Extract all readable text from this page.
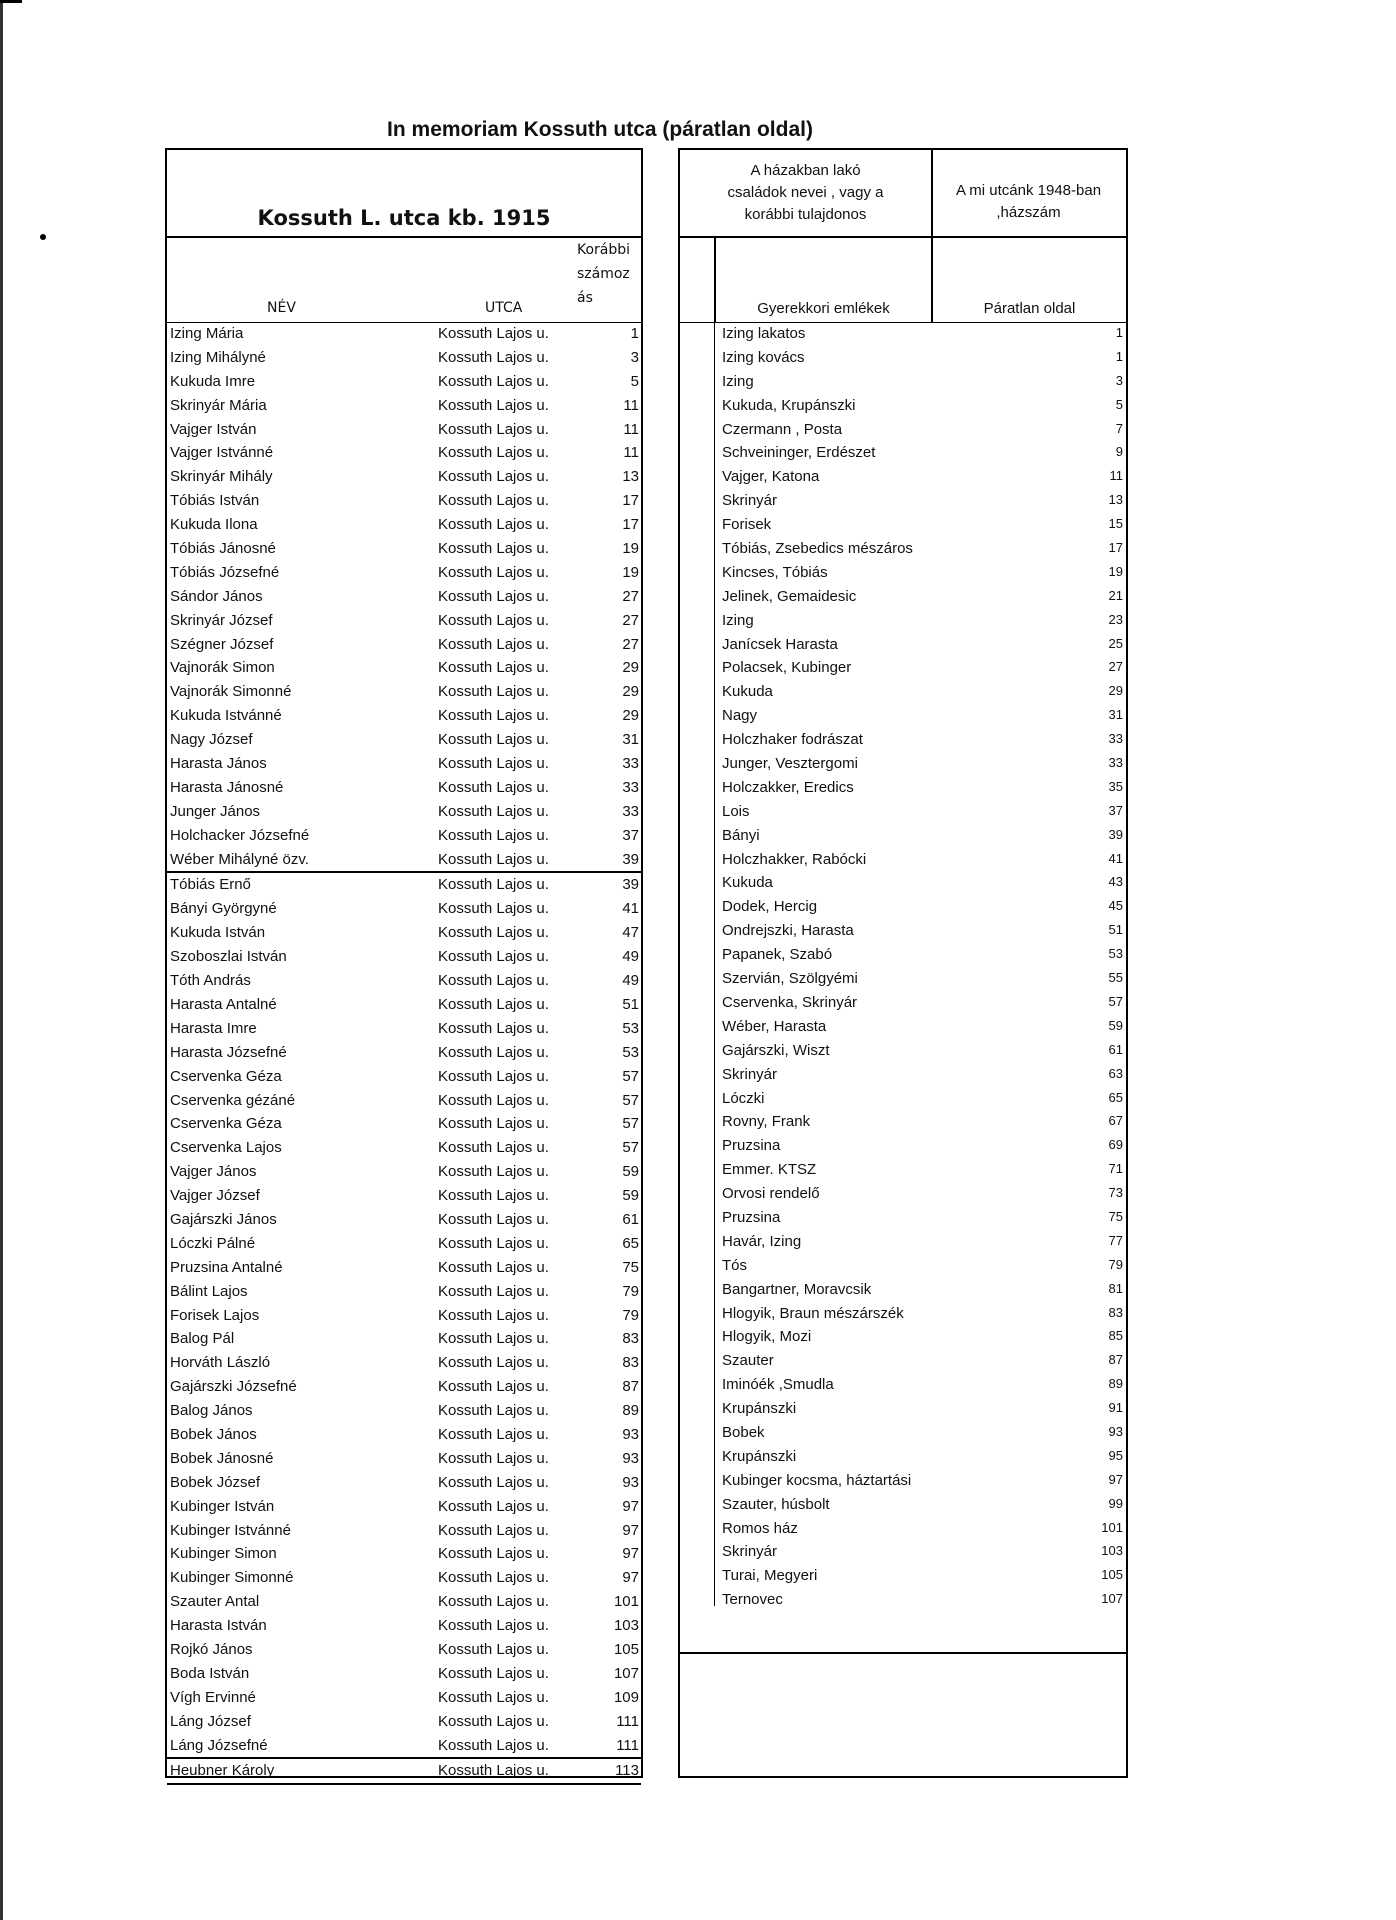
In memoriam Kossuth utca (páratlan oldal)
Kossuth L. utca kb. 1915
NÉV	UTCA
Korábbi
számoz
ás
Izing Mária	Kossuth Lajos u.	1
Izing Mihályné	Kossuth Lajos u.	3
Kukuda Imre	Kossuth Lajos u.	5
Skrinyár Mária	Kossuth Lajos u.	11
Vajger István	Kossuth Lajos u.	11
Vajger Istvánné	Kossuth Lajos u.	11
Skrinyár Mihály	Kossuth Lajos u.	13
Tóbiás István	Kossuth Lajos u.	17
Kukuda Ilona	Kossuth Lajos u.	17
Tóbiás Jánosné	Kossuth Lajos u.	19
Tóbiás Józsefné	Kossuth Lajos u.	19
Sándor János	Kossuth Lajos u.	27
Skrinyár József	Kossuth Lajos u.	27
Szégner József	Kossuth Lajos u.	27
Vajnorák Simon	Kossuth Lajos u.	29
Vajnorák Simonné	Kossuth Lajos u.	29
Kukuda Istvánné	Kossuth Lajos u.	29
Nagy József	Kossuth Lajos u.	31
Harasta János	Kossuth Lajos u.	33
Harasta Jánosné	Kossuth Lajos u.	33
Junger János	Kossuth Lajos u.	33
Holchacker Józsefné	Kossuth Lajos u.	37
Wéber Mihályné özv.	Kossuth Lajos u.	39
Tóbiás Ernő	Kossuth Lajos u.	39
Bányi Györgyné	Kossuth Lajos u.	41
Kukuda István	Kossuth Lajos u.	47
Szoboszlai István	Kossuth Lajos u.	49
Tóth András	Kossuth Lajos u.	49
Harasta Antalné	Kossuth Lajos u.	51
Harasta Imre	Kossuth Lajos u.	53
Harasta Józsefné	Kossuth Lajos u.	53
Cservenka Géza	Kossuth Lajos u.	57
Cservenka gézáné	Kossuth Lajos u.	57
Cservenka Géza	Kossuth Lajos u.	57
Cservenka Lajos	Kossuth Lajos u.	57
Vajger János	Kossuth Lajos u.	59
Vajger József	Kossuth Lajos u.	59
Gajárszki János	Kossuth Lajos u.	61
Lóczki Pálné	Kossuth Lajos u.	65
Pruzsina Antalné	Kossuth Lajos u.	75
Bálint Lajos	Kossuth Lajos u.	79
Forisek Lajos	Kossuth Lajos u.	79
Balog Pál	Kossuth Lajos u.	83
Horváth László	Kossuth Lajos u.	83
Gajárszki Józsefné	Kossuth Lajos u.	87
Balog János	Kossuth Lajos u.	89
Bobek János	Kossuth Lajos u.	93
Bobek Jánosné	Kossuth Lajos u.	93
Bobek József	Kossuth Lajos u.	93
Kubinger István	Kossuth Lajos u.	97
Kubinger Istvánné	Kossuth Lajos u.	97
Kubinger Simon	Kossuth Lajos u.	97
Kubinger Simonné	Kossuth Lajos u.	97
Szauter Antal	Kossuth Lajos u.	101
Harasta István	Kossuth Lajos u.	103
Rojkó János	Kossuth Lajos u.	105
Boda István	Kossuth Lajos u.	107
Vígh Ervinné	Kossuth Lajos u.	109
Láng József	Kossuth Lajos u.	111
Láng Józsefné	Kossuth Lajos u.	111
Heubner Károly	Kossuth Lajos u.	113
A házakban lakó
családok nevei , vagy a
korábbi tulajdonos
A mi utcánk 1948-ban
,házszám
Gyerekkori emlékek	Páratlan oldal
Izing lakatos	1
Izing kovács	1
Izing	3
Kukuda, Krupánszki	5
Czermann , Posta	7
Schveininger, Erdészet	9
Vajger, Katona	11
Skrinyár	13
Forisek	15
Tóbiás, Zsebedics mészáros	17
Kincses, Tóbiás	19
Jelinek, Gemaidesic	21
Izing	23
Janícsek Harasta	25
Polacsek, Kubinger	27
Kukuda	29
Nagy	31
Holczhaker fodrászat	33
Junger, Vesztergomi	33
Holczakker, Eredics	35
Lois	37
Bányi	39
Holczhakker, Rabócki	41
Kukuda	43
Dodek, Hercig	45
Ondrejszki, Harasta	51
Papanek, Szabó	53
Szervián, Szölgyémi	55
Cservenka, Skrinyár	57
Wéber, Harasta	59
Gajárszki, Wiszt	61
Skrinyár	63
Lóczki	65
Rovny, Frank	67
Pruzsina	69
Emmer. KTSZ	71
Orvosi rendelő	73
Pruzsina	75
Havár, Izing	77
Tós	79
Bangartner, Moravcsik	81
Hlogyik, Braun mészárszék	83
Hlogyik, Mozi	85
Szauter	87
Iminóék ,Smudla	89
Krupánszki	91
Bobek	93
Krupánszki	95
Kubinger kocsma, háztartási	97
Szauter, húsbolt	99
Romos ház	101
Skrinyár	103
Turai, Megyeri	105
Ternovec	107
